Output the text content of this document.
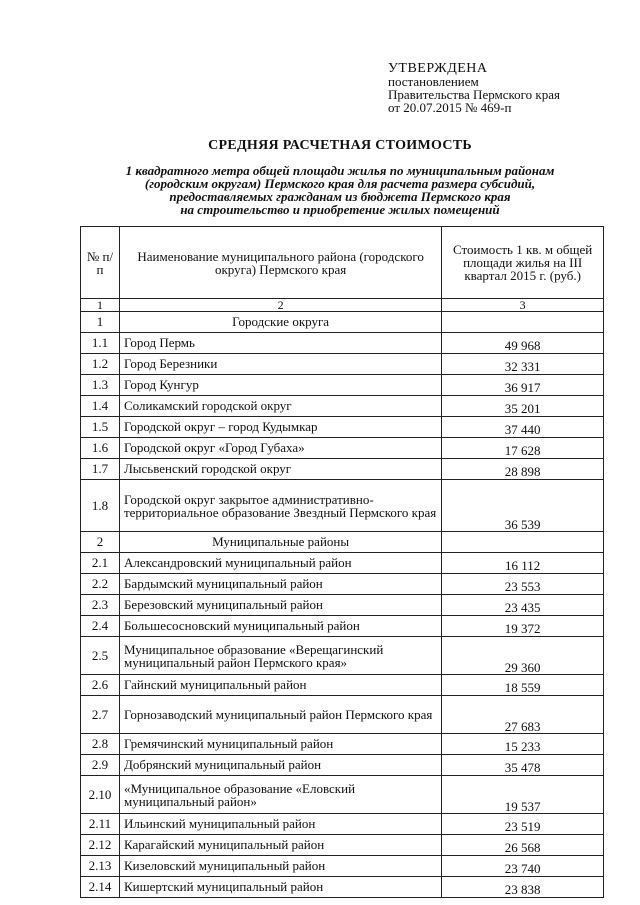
УТВЕРЖДЕНА
постановлением
Правительства Пермского края
от 20.07.2015 № 469-п
СРЕДНЯЯ РАСЧЕТНАЯ СТОИМОСТЬ
1 квадратного метра общей площади жилья по муниципальным районам
(городским округам) Пермского края для расчета размера субсидий,
предоставляемых гражданам из бюджета Пермского края
на строительство и приобретение жилых помещений
№ п/п	Наименование муниципального района (городского округа) Пермского края	Стоимость 1 кв. м общей площади жилья на III квартал 2015 г. (руб.)
1	2	3
1	Городские округа	
1.1	Город Пермь	49 968
1.2	Город Березники	32 331
1.3	Город Кунгур	36 917
1.4	Соликамский городской округ	35 201
1.5	Городской округ – город Кудымкар	37 440
1.6	Городской округ «Город Губаха»	17 628
1.7	Лысьвенский городской округ	28 898
1.8	Городской округ закрытое административно-территориальное образование Звездный Пермского края	36 539
2	Муниципальные районы	
2.1	Александровский муниципальный район	16 112
2.2	Бардымский муниципальный район	23 553
2.3	Березовский муниципальный район	23 435
2.4	Большесосновский муниципальный район	19 372
2.5	Муниципальное образование «Верещагинский муниципальный район Пермского края»	29 360
2.6	Гайнский муниципальный район	18 559
2.7	Горнозаводский муниципальный район Пермского края	27 683
2.8	Гремячинский муниципальный район	15 233
2.9	Добрянский муниципальный район	35 478
2.10	«Муниципальное образование «Еловский муниципальный район»	19 537
2.11	Ильинский муниципальный район	23 519
2.12	Карагайский муниципальный район	26 568
2.13	Кизеловский муниципальный район	23 740
2.14	Кишертский муниципальный район	23 838
